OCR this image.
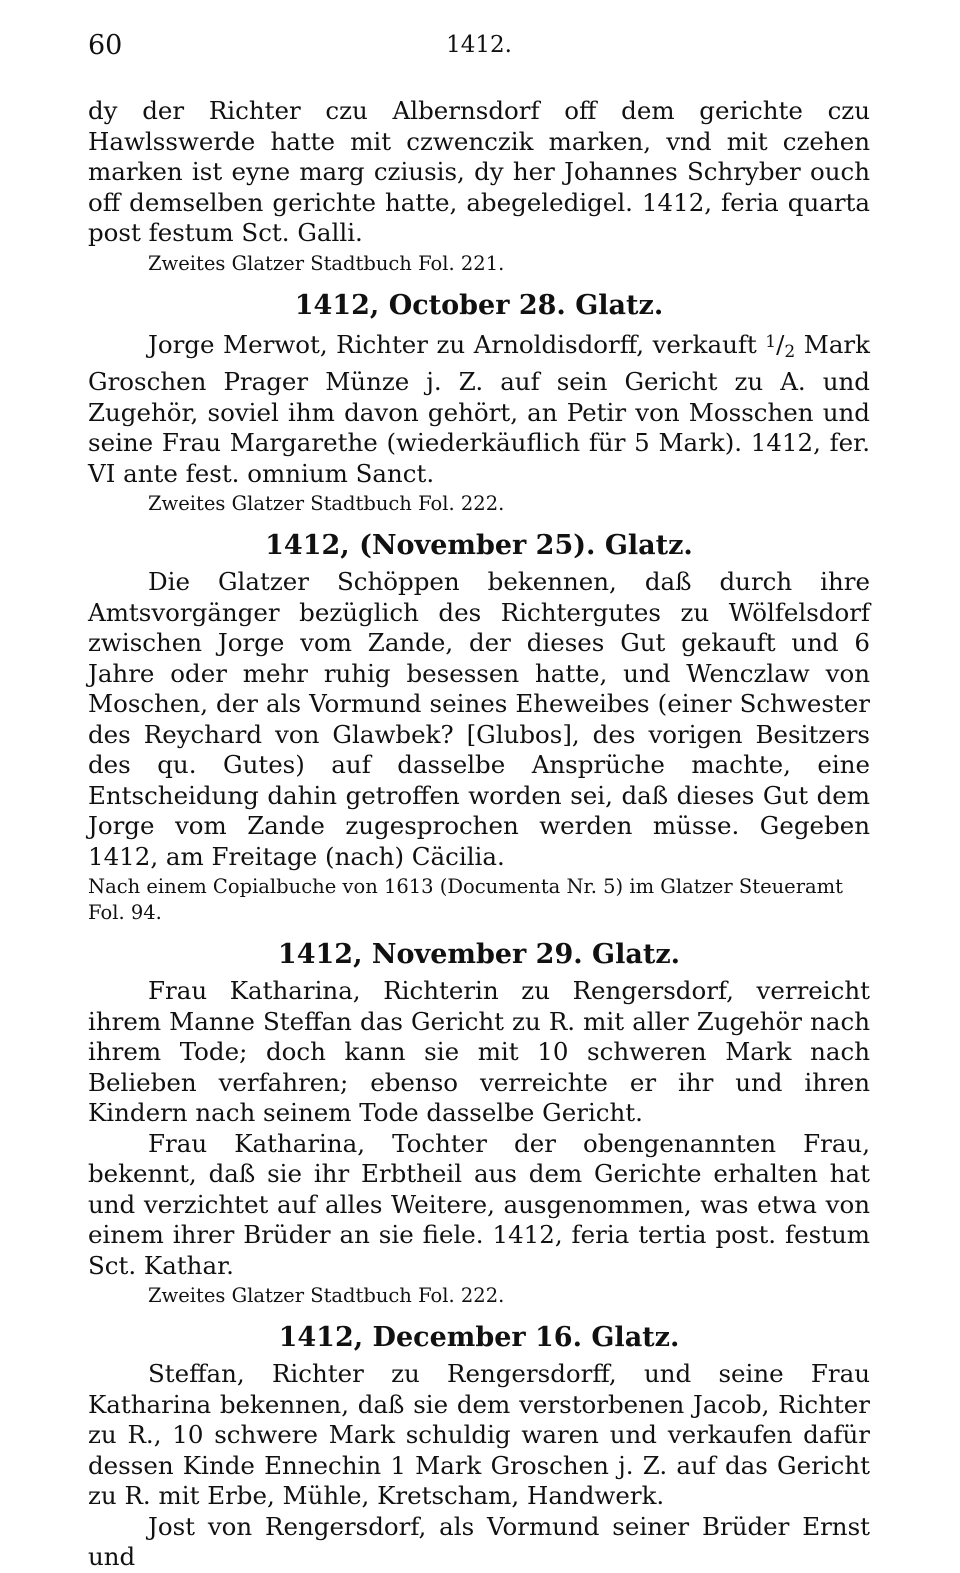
60	1412.

dy der Richter czu Albernsdorf off dem gerichte czu Hawlsswerde hatte mit czwenczik marken, vnd mit czehen marken ist eyne marg cziusis, dy her Johannes Schryber ouch off demselben gerichte hatte, abegeledigel. 1412, feria quarta post festum Sct. Galli.

Zweites Glatzer Stadtbuch Fol. 221.

1412, October 28. Glatz.

Jorge Merwot, Richter zu Arnoldisdorff, verkauft $^1$/2 Mark Groschen Prager Münze j. Z. auf sein Gericht zu A. und Zugehör, soviel ihm davon gehört, an Petir von Mosschen und seine Frau Margarethe (wiederkäuflich für 5 Mark). 1412, fer. VI ante fest. omnium Sanct.

Zweites Glatzer Stadtbuch Fol. 222.

1412, (November 25). Glatz.

Die Glatzer Schöppen bekennen, daß durch ihre Amtsvorgänger bezüglich des Richtergutes zu Wölfelsdorf zwischen Jorge vom Zande, der dieses Gut gekauft und 6 Jahre oder mehr ruhig besessen hatte, und Wenczlaw von Moschen, der als Vormund seines Eheweibes (einer Schwester des Reychard von Glawbek? [Glubos], des vorigen Besitzers des qu. Gutes) auf dasselbe Ansprüche machte, eine Entscheidung dahin getroffen worden sei, daß dieses Gut dem Jorge vom Zande zugesprochen werden müsse. Gegeben 1412, am Freitage (nach) Cäcilia.

Nach einem Copialbuche von 1613 (Documenta Nr. 5) im Glatzer Steueramt Fol. 94.

1412, November 29. Glatz.

Frau Katharina, Richterin zu Rengersdorf, verreicht ihrem Manne Steffan das Gericht zu R. mit aller Zugehör nach ihrem Tode; doch kann sie mit 10 schweren Mark nach Belieben verfahren; ebenso verreichte er ihr und ihren Kindern nach seinem Tode dasselbe Gericht.

Frau Katharina, Tochter der obengenannten Frau, bekennt, daß sie ihr Erbtheil aus dem Gerichte erhalten hat und verzichtet auf alles Weitere, ausgenommen, was etwa von einem ihrer Brüder an sie fiele. 1412, feria tertia post. festum Sct. Kathar.

Zweites Glatzer Stadtbuch Fol. 222.

1412, December 16. Glatz.

Steffan, Richter zu Rengersdorff, und seine Frau Katharina bekennen, daß sie dem verstorbenen Jacob, Richter zu R., 10 schwere Mark schuldig waren und verkaufen dafür dessen Kinde Ennechin 1 Mark Groschen j. Z. auf das Gericht zu R. mit Erbe, Mühle, Kretscham, Handwerk.

Jost von Rengersdorf, als Vormund seiner Brüder Ernst und
